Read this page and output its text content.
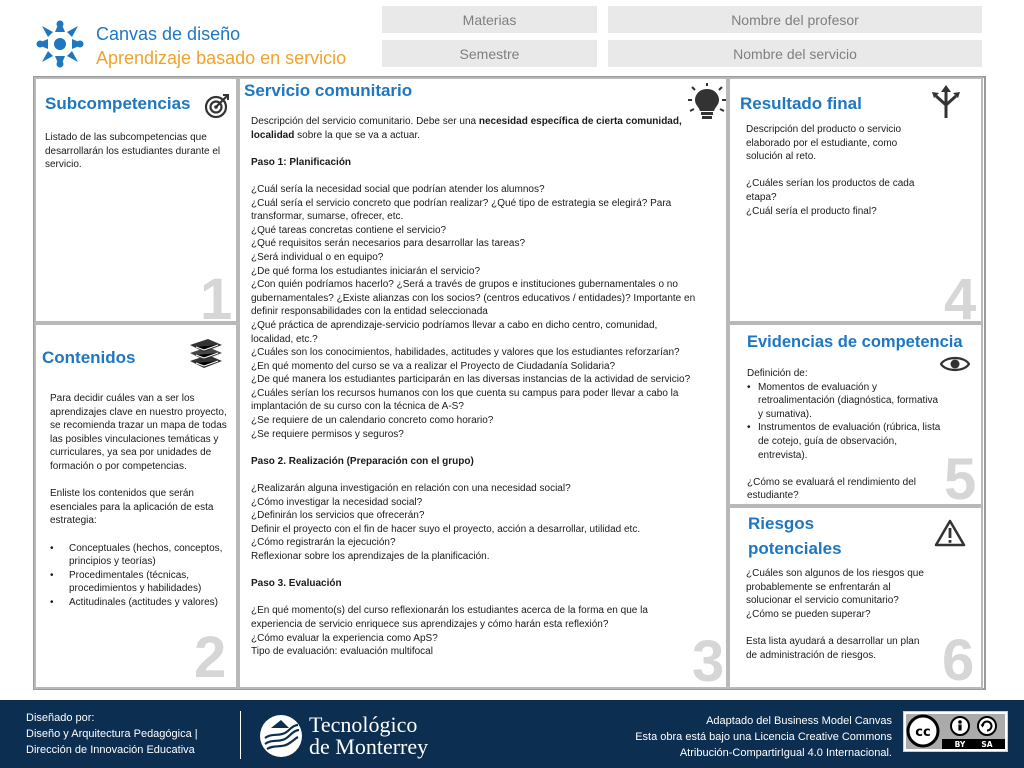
Canvas de diseño
Aprendizaje basado en servicio
Materias	Nombre del profesor
Semestre	Nombre del servicio
Subcompetencias
Listado de las subcompetencias que desarrollarán los estudiantes durante el servicio.
1
Contenidos

Para decidir cuáles van a ser los aprendizajes clave en nuestro proyecto, se recomienda trazar un mapa de todas las posibles vinculaciones temáticas y curriculares, ya sea por unidades de formación o por competencias.

Enliste los contenidos que serán esenciales para la aplicación de esta estrategia:

• Conceptuales (hechos, conceptos, principios y teorías)
• Procedimentales (técnicas, procedimientos y habilidades)
• Actitudinales (actitudes y valores)
2
Servicio comunitario

Descripción del servicio comunitario. Debe ser una necesidad específica de cierta comunidad, localidad sobre la que se va a actuar.

Paso 1: Planificación

¿Cuál sería la necesidad social que podrían atender los alumnos?

¿Cuál sería el servicio concreto que podrían realizar? ¿Qué tipo de estrategia se elegirá? Para transformar, sumarse, ofrecer, etc.

¿Qué tareas concretas contiene el servicio?

¿Qué requisitos serán necesarios para desarrollar las tareas?

¿Será individual o en equipo?

¿De qué forma los estudiantes iniciarán el servicio?

¿Con quién podríamos hacerlo? ¿Será a través de grupos e instituciones gubernamentales o no gubernamentales? ¿Existe alianzas con los socios? (centros educativos / entidades)? Importante en definir responsabilidades con la entidad seleccionada

¿Qué práctica de aprendizaje-servicio podríamos llevar a cabo en dicho centro, comunidad, localidad, etc.?

¿Cuáles son los conocimientos, habilidades, actitudes y valores que los estudiantes reforzarían?

¿En qué momento del curso se va a realizar el Proyecto de Ciudadanía Solidaria?

¿De qué manera los estudiantes participarán en las diversas instancias de la actividad de servicio?

¿Cuáles serían los recursos humanos con los que cuenta su campus para poder llevar a cabo la implantación de su curso con la técnica de A-S?

¿Se requiere de un calendario concreto como horario?

¿Se requiere permisos y seguros?

Paso 2. Realización (Preparación con el grupo)

¿Realizarán alguna investigación en relación con una necesidad social?

¿Cómo investigar la necesidad social?

¿Definirán los servicios que ofrecerán?

Definir el proyecto con el fin de hacer suyo el proyecto, acción a desarrollar, utilidad etc.

¿Cómo registrarán la ejecución?

Reflexionar sobre los aprendizajes de la planificación.

Paso 3. Evaluación

¿En qué momento(s) del curso reflexionarán los estudiantes acerca de la forma en que la experiencia de servicio enriquece sus aprendizajes y cómo harán esta reflexión?

¿Cómo evaluar la experiencia como ApS?

Tipo de evaluación: evaluación multifocal	3
Resultado final

Descripción del producto o servicio elaborado por el estudiante, como solución al reto.

¿Cuáles serían los productos de cada etapa?

¿Cuál sería el producto final?

4
Evidencias de competencia

Definición de:

• Momentos de evaluación y retroalimentación (diagnóstica, formativa y sumativa).
• Instrumentos de evaluación (rúbrica, lista de cotejo, guía de observación, entrevista).

¿Cómo se evaluará el rendimiento del estudiante?	5
Riesgos
potenciales

¿Cuáles son algunos de los riesgos que probablemente se enfrentarán al solucionar el servicio comunitario? ¿Cómo se pueden superar?

Esta lista ayudará a desarrollar un plan de administración de riesgos.	6
Diseñado por:
Diseño y Arquitectura Pedagógica |
Dirección de Innovación Educativa
Tecnológico
de Monterrey
Adaptado del Business Model Canvas
Esta obra está bajo una Licencia Creative Commons
Atribución-CompartirIgual 4.0 Internacional.
cc
BY SA
